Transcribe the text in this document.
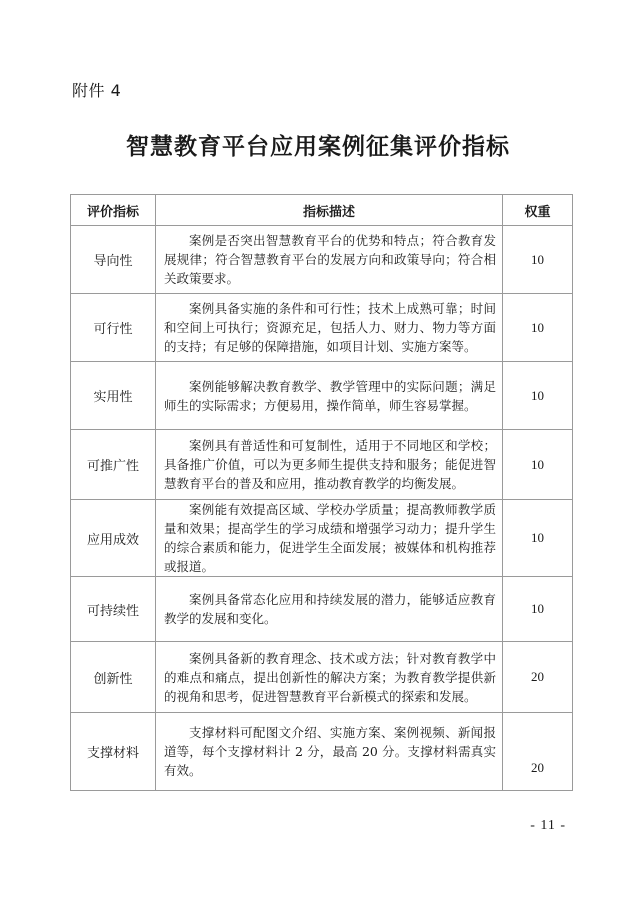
附件 4
智慧教育平台应用案例征集评价指标
评价指标	指标描述	权重
导向性	案例是否突出智慧教育平台的优势和特点；符合教育发展规律；符合智慧教育平台的发展方向和政策导向；符合相关政策要求。	10
可行性	案例具备实施的条件和可行性；技术上成熟可靠；时间和空间上可执行；资源充足，包括人力、财力、物力等方面的支持；有足够的保障措施，如项目计划、实施方案等。	10
实用性	案例能够解决教育教学、教学管理中的实际问题；满足师生的实际需求；方便易用，操作简单，师生容易掌握。	10
可推广性	案例具有普适性和可复制性，适用于不同地区和学校；具备推广价值，可以为更多师生提供支持和服务；能促进智慧教育平台的普及和应用，推动教育教学的均衡发展。	10
应用成效	案例能有效提高区域、学校办学质量；提高教师教学质量和效果；提高学生的学习成绩和增强学习动力；提升学生的综合素质和能力，促进学生全面发展；被媒体和机构推荐或报道。	10
可持续性	案例具备常态化应用和持续发展的潜力，能够适应教育教学的发展和变化。	10
创新性	案例具备新的教育理念、技术或方法；针对教育教学中的难点和痛点，提出创新性的解决方案；为教育教学提供新的视角和思考，促进智慧教育平台新模式的探索和发展。	20
支撑材料	支撑材料可配图文介绍、实施方案、案例视频、新闻报道等，每个支撑材料计 2 分，最高 20 分。支撑材料需真实有效。	20
- 11 -
